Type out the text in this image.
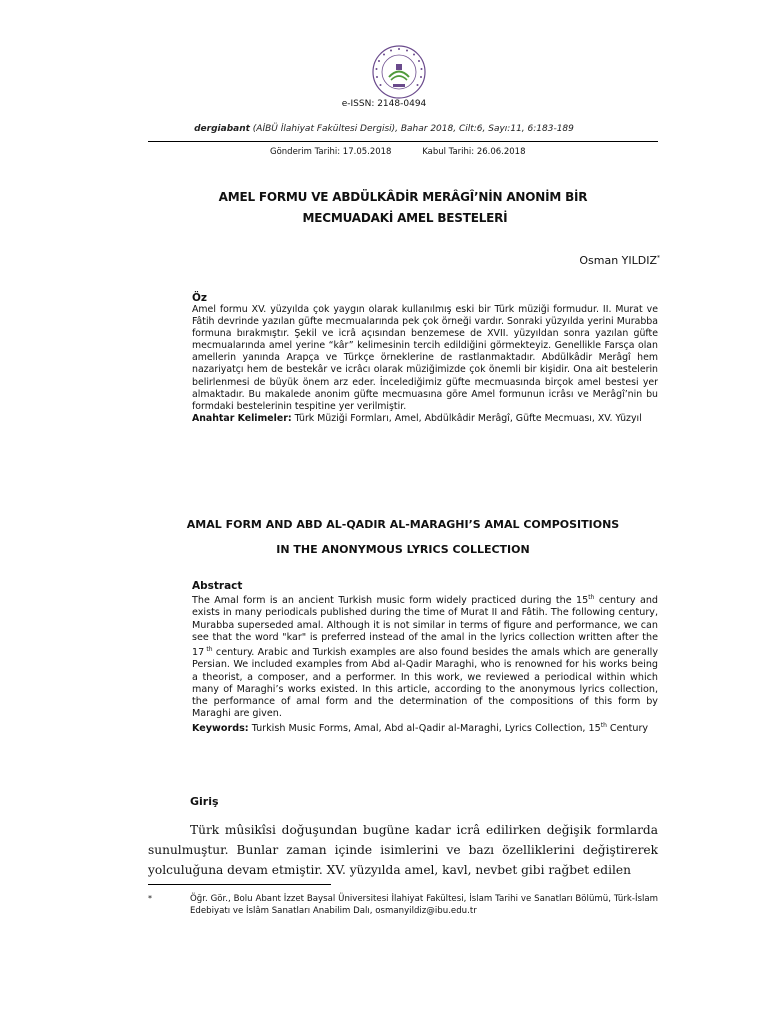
e-ISSN: 2148-0494
dergiabant (AİBÜ İlahiyat Fakültesi Dergisi), Bahar 2018, Cilt:6, Sayı:11, 6:183-189
Gönderim Tarihi: 17.05.2018	Kabul Tarihi: 26.06.2018
AMEL FORMU VE ABDÜLKÂDİR MERÂGÎ’NİN ANONİM BİR
MECMUADAKİ AMEL BESTELERİ
Osman YILDIZ*
Öz

Amel formu XV. yüzyılda çok yaygın olarak kullanılmış eski bir Türk müziği formudur. II. Murat ve Fâtih devrinde yazılan güfte mecmualarında pek çok örneği vardır. Sonraki yüzyılda yerini Murabba formuna bırakmıştır. Şekil ve icrâ açısından benzemese de XVII. yüzyıldan sonra yazılan güfte mecmualarında amel yerine “kâr” kelimesinin tercih edildiğini görmekteyiz. Genellikle Farsça olan amellerin yanında Arapça ve Türkçe örneklerine de rastlanmaktadır. Abdülkâdir Merâgî hem nazariyatçı hem de bestekâr ve icrâcı olarak müziğimizde çok önemli bir kişidir. Ona ait bestelerin belirlenmesi de büyük önem arz eder. İncelediğimiz güfte mecmuasında birçok amel bestesi yer almaktadır. Bu makalede anonim güfte mecmuasına göre Amel formunun icrâsı ve Merâgî’nin bu formdaki bestelerinin tespitine yer verilmiştir.

Anahtar Kelimeler: Türk Müziği Formları, Amel, Abdülkâdir Merâgî, Güfte Mecmuası, XV. Yüzyıl

AMAL FORM AND ABD AL-QADIR AL-MARAGHI’S AMAL COMPOSITIONS
IN THE ANONYMOUS LYRICS COLLECTION
Abstract

The Amal form is an ancient Turkish music form widely practiced during the 15th century and exists in many periodicals published during the time of Murat II and Fâtih. The following century, Murabba superseded amal. Although it is not similar in terms of figure and performance, we can see that the word "kar" is preferred instead of the amal in the lyrics collection written after the 17 $^{th}$ century. Arabic and Turkish examples are also found besides the amals which are generally Persian. We included examples from Abd al-Qadir Maraghi, who is renowned for his works being a theorist, a composer, and a performer. In this work, we reviewed a periodical within which many of Maraghi’s works existed. In this article, according to the anonymous lyrics collection, the performance of amal form and the determination of the compositions of this form by Maraghi are given.

Keywords: Turkish Music Forms, Amal, Abd al-Qadir al-Maraghi, Lyrics Collection, 15th Century

Giriş

Türk mûsikîsi doğuşundan bugüne kadar icrâ edilirken değişik formlarda sunulmuştur. Bunlar zaman içinde isimlerini ve bazı özelliklerini değiştirerek yolculuğuna devam etmiştir. XV. yüzyılda amel, kavl, nevbet gibi rağbet edilen

*	Öğr. Gör., Bolu Abant İzzet Baysal Üniversitesi İlahiyat Fakültesi, İslam Tarihi ve Sanatları Bölümü, Türk-İslam Edebiyatı ve İslâm Sanatları Anabilim Dalı, osmanyildiz@ibu.edu.tr
